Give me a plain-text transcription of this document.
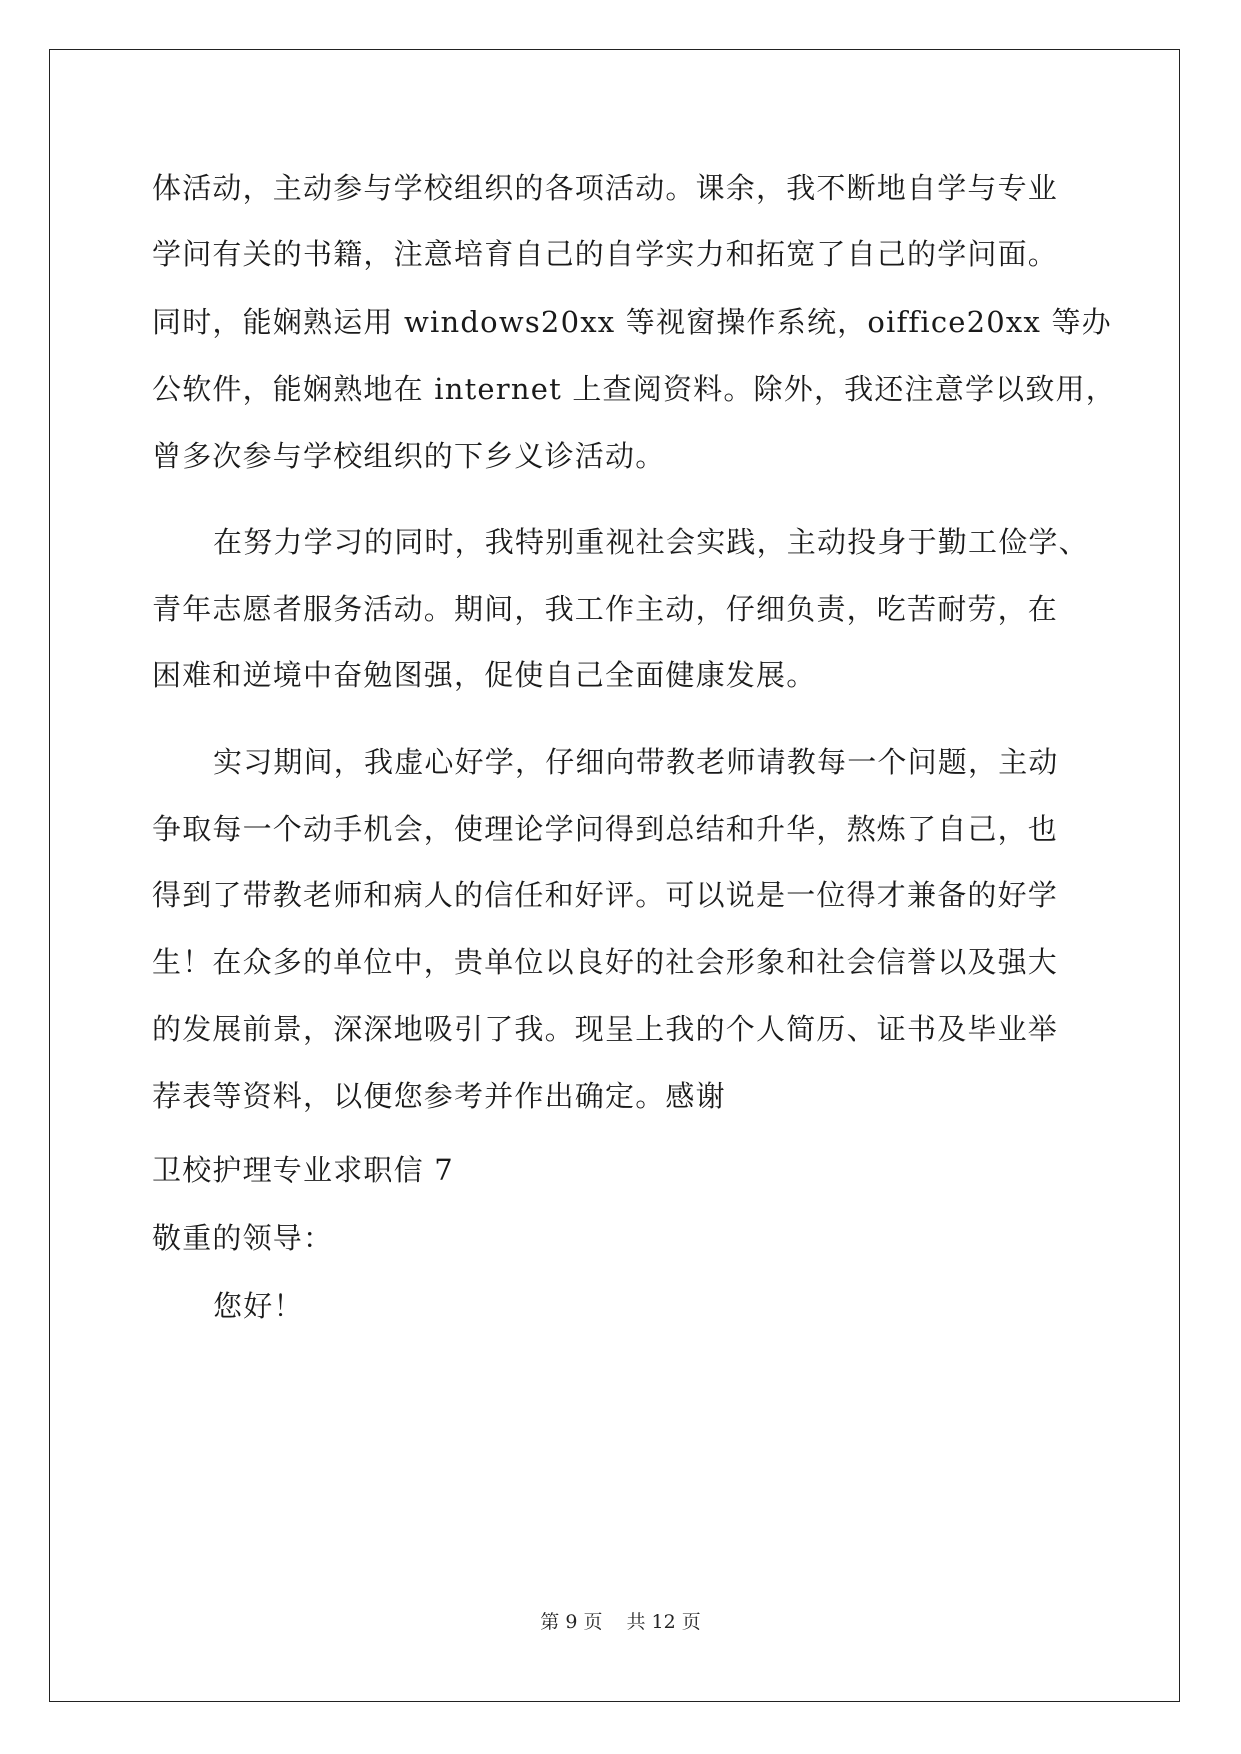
体活动，主动参与学校组织的各项活动。课余，我不断地自学与专业
学问有关的书籍，注意培育自己的自学实力和拓宽了自己的学问面。
同时，能娴熟运用 windows20xx 等视窗操作系统，oiffice20xx 等办
公软件，能娴熟地在 internet 上查阅资料。除外，我还注意学以致用，
曾多次参与学校组织的下乡义诊活动。
在努力学习的同时，我特别重视社会实践，主动投身于勤工俭学、
青年志愿者服务活动。期间，我工作主动，仔细负责，吃苦耐劳，在
困难和逆境中奋勉图强，促使自己全面健康发展。
实习期间，我虚心好学，仔细向带教老师请教每一个问题，主动
争取每一个动手机会，使理论学问得到总结和升华，熬炼了自己，也
得到了带教老师和病人的信任和好评。可以说是一位得才兼备的好学
生！在众多的单位中，贵单位以良好的社会形象和社会信誉以及强大
的发展前景，深深地吸引了我。现呈上我的个人简历、证书及毕业举
荐表等资料，以便您参考并作出确定。感谢
卫校护理专业求职信 7
敬重的领导：
您好！
第 9 页 共 12 页
